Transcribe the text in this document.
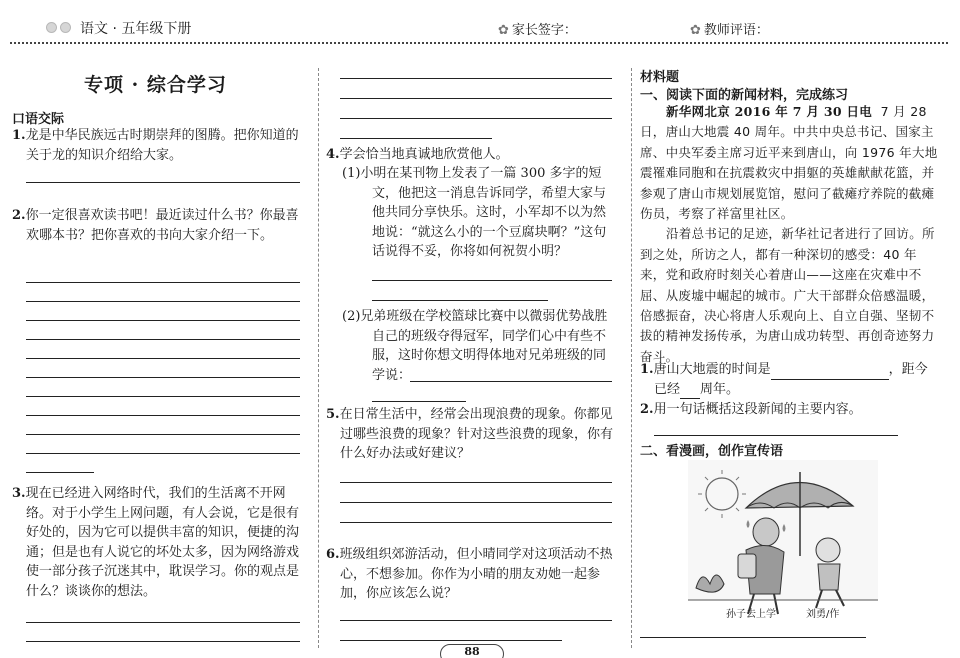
语文 · 五年级下册	✿ 家长签字：	✿ 教师评语：
专项 · 综合学习
口语交际
1.龙是中华民族远古时期崇拜的图腾。把你知道的关于龙的知识介绍给大家。
2.你一定很喜欢读书吧！最近读过什么书？你最喜欢哪本书？把你喜欢的书向大家介绍一下。
3.现在已经进入网络时代，我们的生活离不开网络。对于小学生上网问题，有人会说，它是很有好处的，因为它可以提供丰富的知识，便捷的沟通；但是也有人说它的坏处太多，因为网络游戏使一部分孩子沉迷其中，耽误学习。你的观点是什么？谈谈你的想法。
4.学会恰当地真诚地欣赏他人。
(1)小明在某刊物上发表了一篇 300 多字的短文，他把这一消息告诉同学，希望大家与他共同分享快乐。这时，小军却不以为然地说：“就这么小的一个豆腐块啊？”这句话说得不妥，你将如何祝贺小明？
(2)兄弟班级在学校篮球比赛中以微弱优势战胜自己的班级夺得冠军，同学们心中有些不服，这时你想文明得体地对兄弟班级的同学说：
5.在日常生活中，经常会出现浪费的现象。你都见过哪些浪费的现象？针对这些浪费的现象，你有什么好办法或好建议？
6.班级组织郊游活动，但小晴同学对这项活动不热心，不想参加。你作为小晴的朋友劝她一起参加，你应该怎么说？
材料题
一、阅读下面的新闻材料，完成练习

新华网北京 2016 年 7 月 30 日电 7 月 28 日，唐山大地震 40 周年。中共中央总书记、国家主席、中央军委主席习近平来到唐山，向 1976 年大地震罹难同胞和在抗震救灾中捐躯的英雄献献花篮，并参观了唐山市规划展览馆，慰问了截瘫疗养院的截瘫伤员，考察了祥富里社区。

沿着总书记的足迹，新华社记者进行了回访。所到之处，所访之人，都有一种深切的感受：40 年来，党和政府时刻关心着唐山——这座在灾难中不屈、从废墟中崛起的城市。广大干部群众倍感温暖，倍感振奋，决心将唐人乐观向上、自立自强、坚韧不拔的精神发扬传承，为唐山成功转型、再创奇迹努力奋斗。

1.唐山大地震的时间是	，距今
已经 周年。
2.用一句话概括这段新闻的主要内容。
二、看漫画，创作宣传语
孙子去上学	刘勇/作
88
